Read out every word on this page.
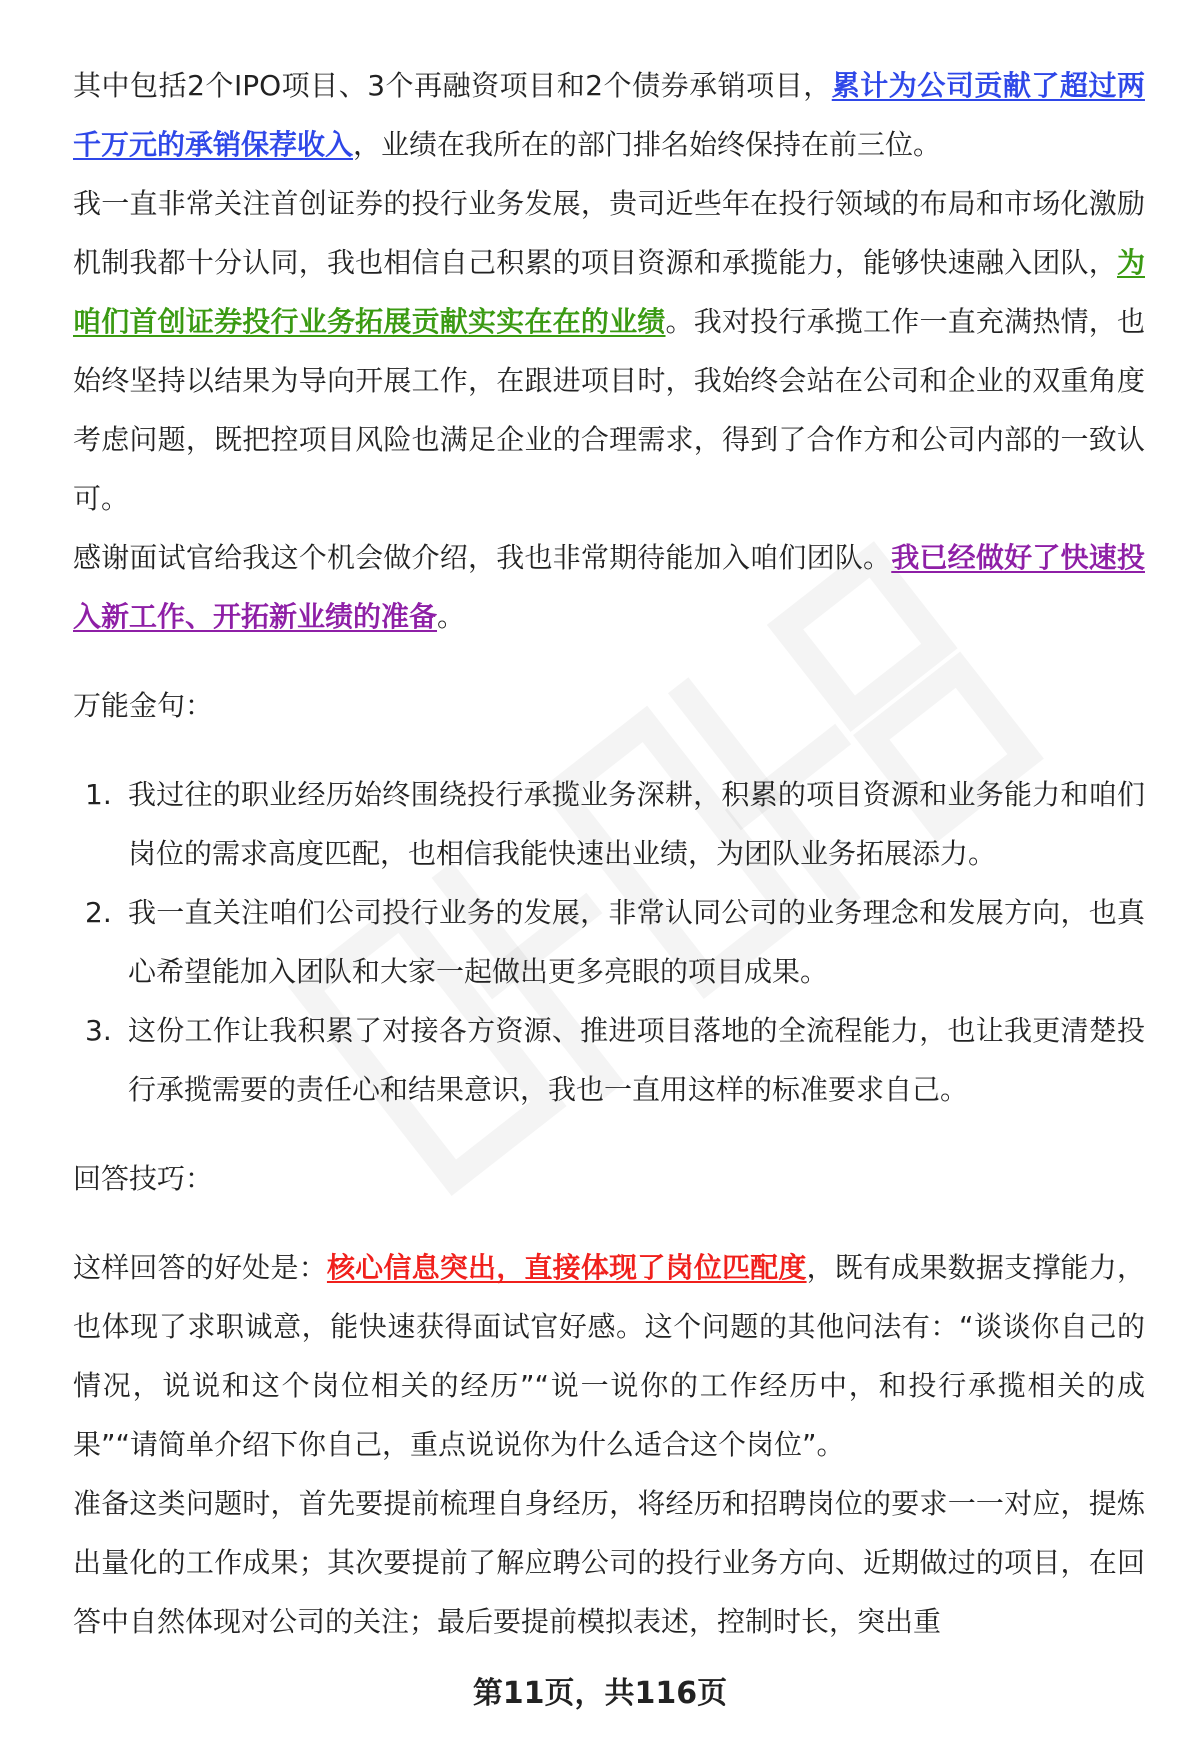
其中包括2个IPO项目、3个再融资项目和2个债券承销项目，累计为公司贡献了超过两千万元的承销保荐收入，业绩在我所在的部门排名始终保持在前三位。

我一直非常关注首创证券的投行业务发展，贵司近些年在投行领域的布局和市场化激励机制我都十分认同，我也相信自己积累的项目资源和承揽能力，能够快速融入团队，为咱们首创证券投行业务拓展贡献实实在在的业绩。我对投行承揽工作一直充满热情，也始终坚持以结果为导向开展工作，在跟进项目时，我始终会站在公司和企业的双重角度考虑问题，既把控项目风险也满足企业的合理需求，得到了合作方和公司内部的一致认可。

感谢面试官给我这个机会做介绍，我也非常期待能加入咱们团队。我已经做好了快速投入新工作、开拓新业绩的准备。

万能金句：

1. 我过往的职业经历始终围绕投行承揽业务深耕，积累的项目资源和业务能力和咱们岗位的需求高度匹配，也相信我能快速出业绩，为团队业务拓展添力。
2. 我一直关注咱们公司投行业务的发展，非常认同公司的业务理念和发展方向，也真心希望能加入团队和大家一起做出更多亮眼的项目成果。
3. 这份工作让我积累了对接各方资源、推进项目落地的全流程能力，也让我更清楚投行承揽需要的责任心和结果意识，我也一直用这样的标准要求自己。

回答技巧：

这样回答的好处是：核心信息突出，直接体现了岗位匹配度，既有成果数据支撑能力，也体现了求职诚意，能快速获得面试官好感。这个问题的其他问法有：“谈谈你自己的情况，说说和这个岗位相关的经历”“说一说你的工作经历中，和投行承揽相关的成果”“请简单介绍下你自己，重点说说你为什么适合这个岗位”。

准备这类问题时，首先要提前梳理自身经历，将经历和招聘岗位的要求一一对应，提炼出量化的工作成果；其次要提前了解应聘公司的投行业务方向、近期做过的项目，在回答中自然体现对公司的关注；最后要提前模拟表述，控制时长，突出重

第11页，共116页
